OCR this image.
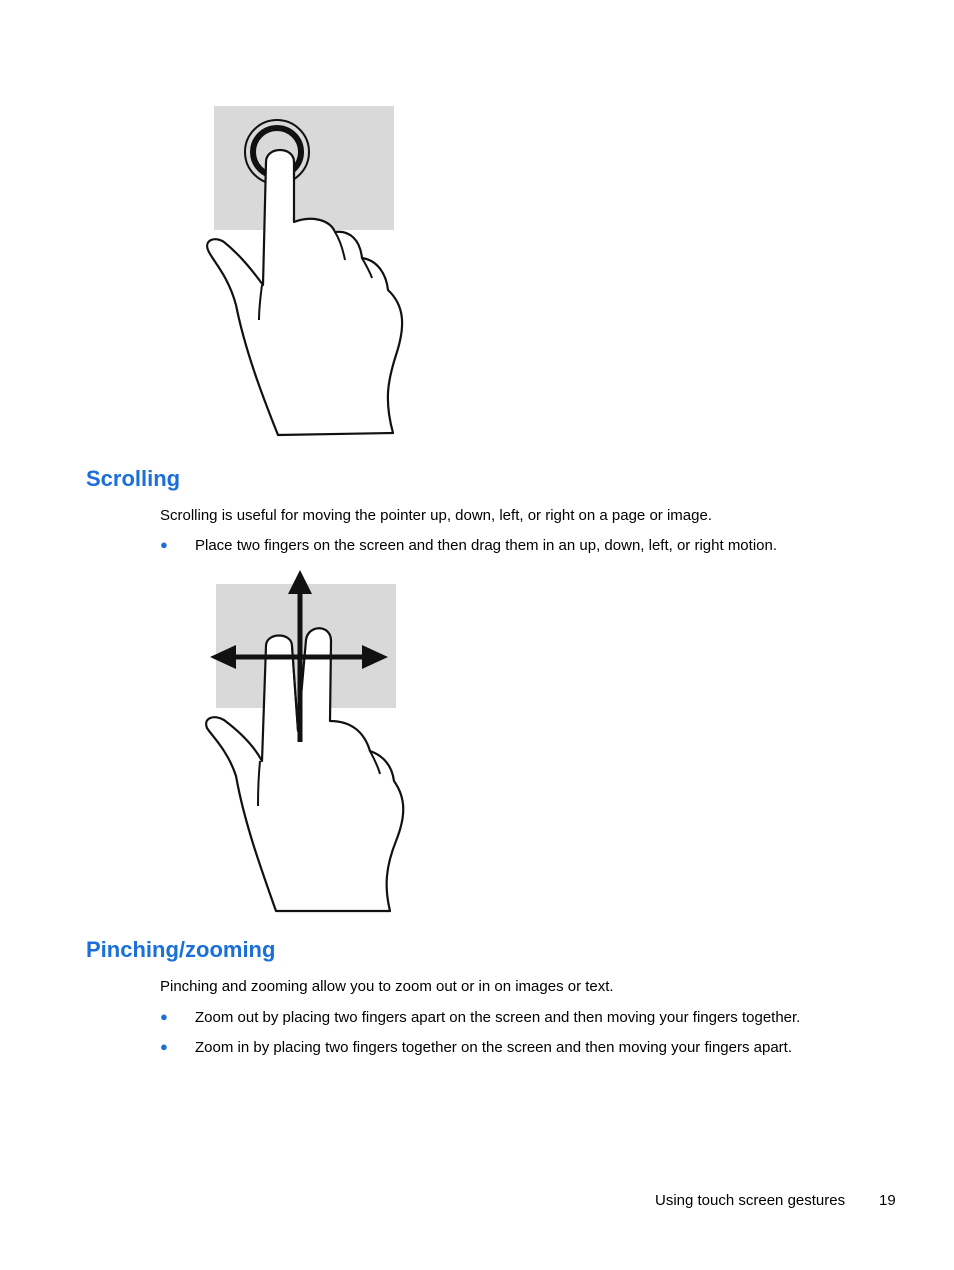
Scrolling

Scrolling is useful for moving the pointer up, down, left, or right on a page or image.

● Place two fingers on the screen and then drag them in an up, down, left, or right motion.
Pinching/zooming

Pinching and zooming allow you to zoom out or in on images or text.

● Zoom out by placing two fingers apart on the screen and then moving your fingers together.
● Zoom in by placing two fingers together on the screen and then moving your fingers apart.
Using touch screen gestures 19
